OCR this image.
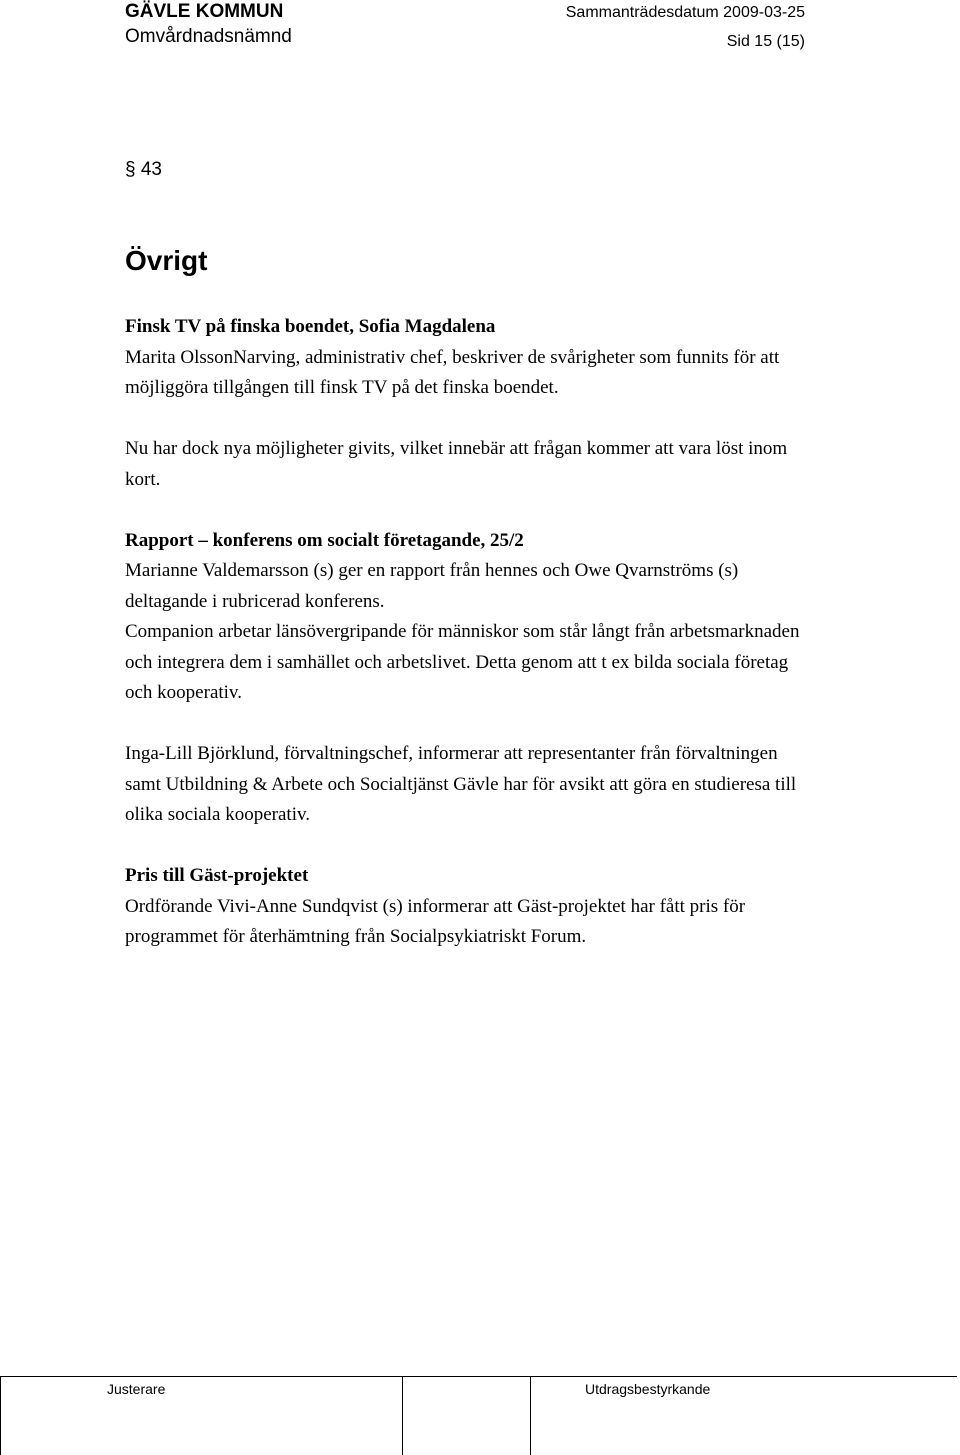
GÄVLE KOMMUN
Omvårdnadsnämnd
Sammanträdesdatum 2009-03-25
Sid 15 (15)
§ 43
Övrigt

Finsk TV på finska boendet, Sofia Magdalena

Marita OlssonNarving, administrativ chef, beskriver de svårigheter som funnits för att möjliggöra tillgången till finsk TV på det finska boendet.

Nu har dock nya möjligheter givits, vilket innebär att frågan kommer att vara löst inom kort.

Rapport – konferens om socialt företagande, 25/2

Marianne Valdemarsson (s) ger en rapport från hennes och Owe Qvarnströms (s) deltagande i rubricerad konferens.

Companion arbetar länsövergripande för människor som står långt från arbetsmarknaden och integrera dem i samhället och arbetslivet. Detta genom att t ex bilda sociala företag och kooperativ.

Inga-Lill Björklund, förvaltningschef, informerar att representanter från förvaltningen samt Utbildning & Arbete och Socialtjänst Gävle har för avsikt att göra en studieresa till olika sociala kooperativ.

Pris till Gäst-projektet

Ordförande Vivi-Anne Sundqvist (s) informerar att Gäst-projektet har fått pris för programmet för återhämtning från Socialpsykiatriskt Forum.

Justerare	Utdragsbestyrkande
